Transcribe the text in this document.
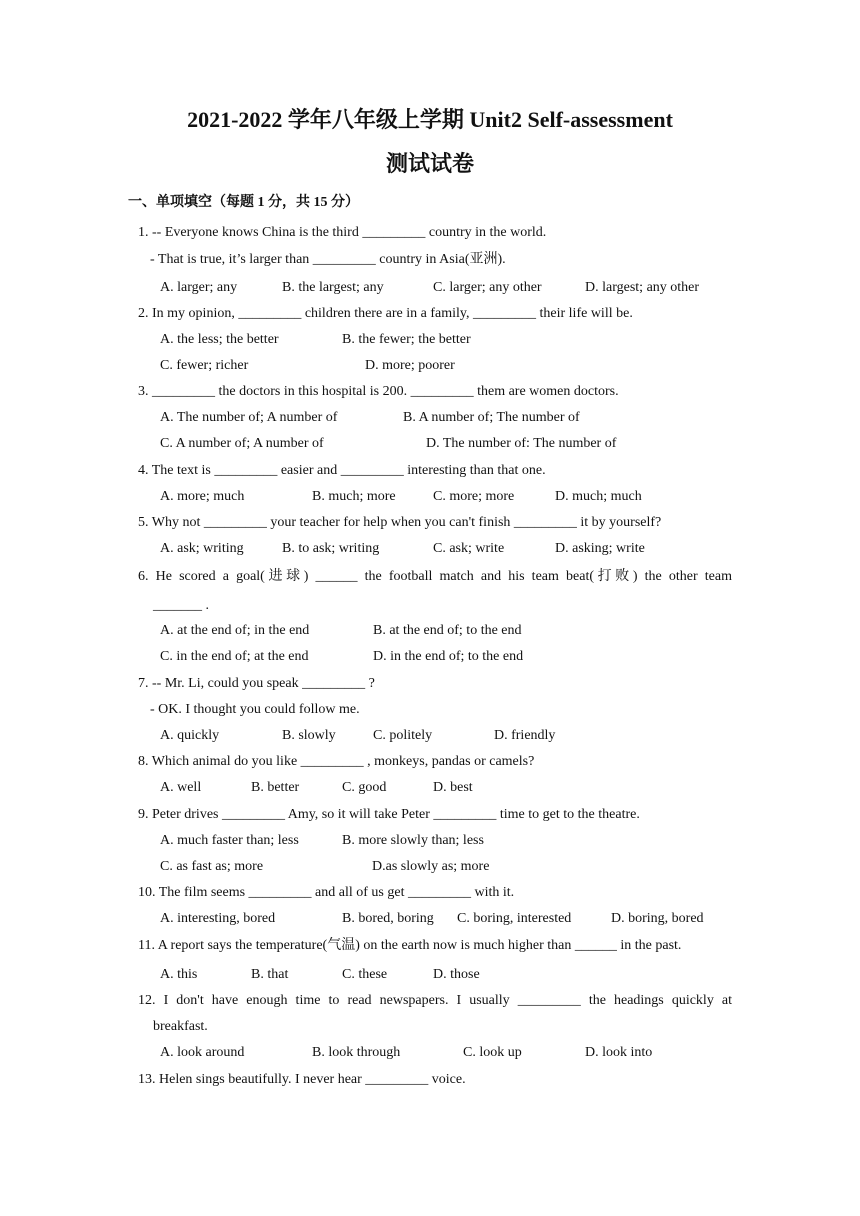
2021-2022 学年八年级上学期 Unit2 Self-assessment
测试试卷
一、单项填空（每题 1 分，共 15 分）
1. -- Everyone knows China is the third _________ country in the world.
- That is true, it’s larger than _________ country in Asia(亚洲).
A. larger; any	B. the largest; any	C. larger; any other	D. largest; any other
2. In my opinion, _________ children there are in a family, _________ their life will be.
A. the less; the better	B. the fewer; the better
C. fewer; richer	D. more; poorer
3. _________ the doctors in this hospital is 200. _________ them are women doctors.
A. The number of; A number of	B. A number of; The number of
C. A number of; A number of	D. The number of: The number of
4. The text is _________ easier and _________ interesting than that one.
A. more; much	B. much; more	C. more; more	D. much; much
5. Why not _________ your teacher for help when you can't finish _________ it by yourself?
A. ask; writing	B. to ask; writing	C. ask; write	D. asking; write
6. He scored a goal(进球) ______ the football match and his team beat(打败) the other team
_______ .
A. at the end of; in the end	B. at the end of; to the end
C. in the end of; at the end	D. in the end of; to the end
7. -- Mr. Li, could you speak _________ ?
- OK. I thought you could follow me.
A. quickly	B. slowly	C. politely	D. friendly
8. Which animal do you like _________ , monkeys, pandas or camels?
A. well	B. better	C. good	D. best
9. Peter drives _________ Amy, so it will take Peter _________ time to get to the theatre.
A. much faster than; less	B. more slowly than; less
C. as fast as; more	D.as slowly as; more
10. The film seems _________ and all of us get _________ with it.
A. interesting, bored	B. bored, boring C. boring, interested	D. boring, bored
11. A report says the temperature(气温) on the earth now is much higher than ______ in the past.
A. this	B. that	C. these	D. those
12. I don't have enough time to read newspapers. I usually _________ the headings quickly at
breakfast.
A. look around	B. look through	C. look up	D. look into
13. Helen sings beautifully. I never hear _________ voice.
